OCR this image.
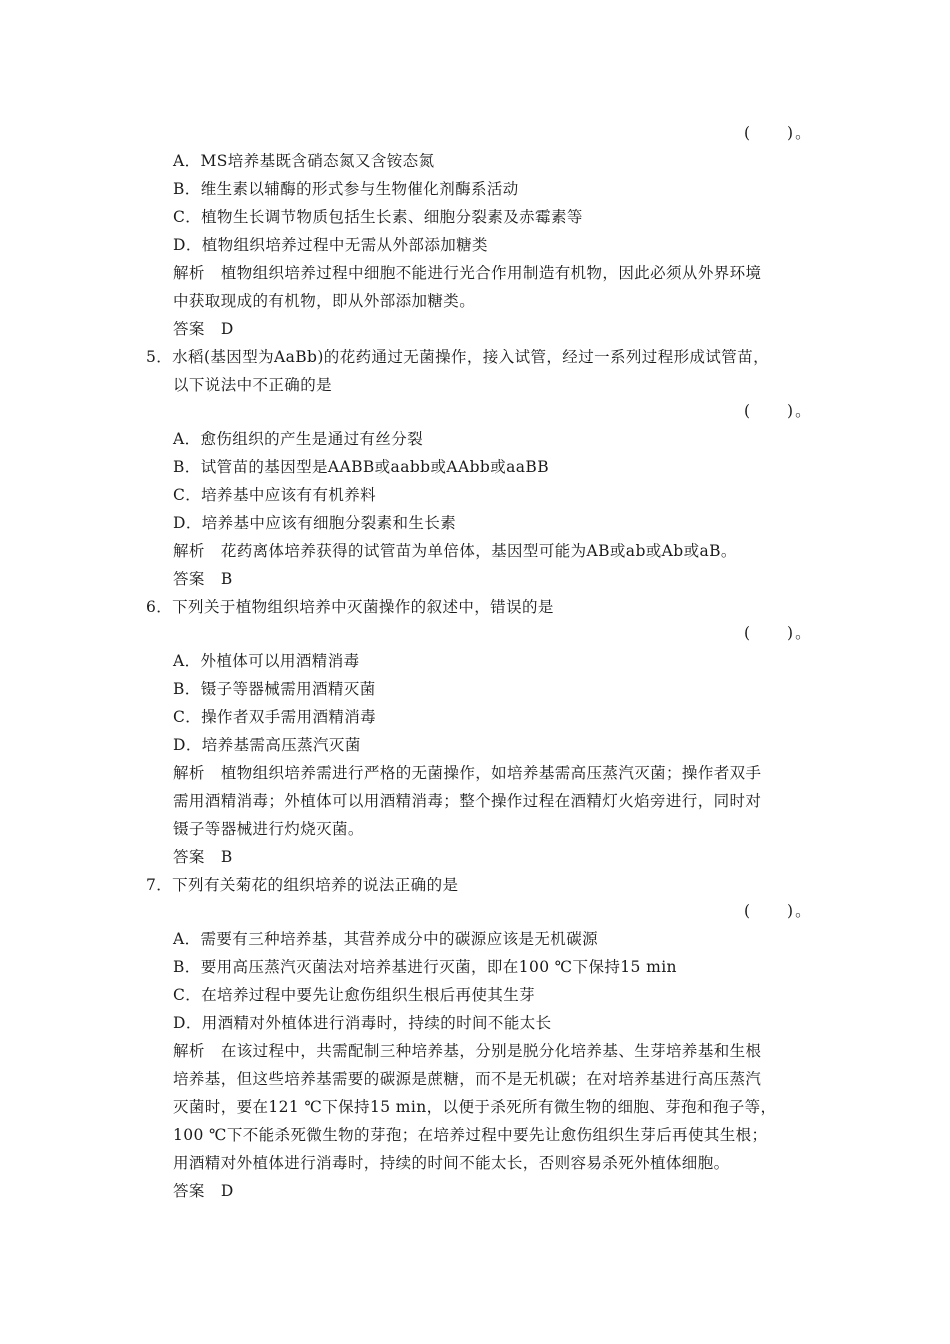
(　　)。
A．MS培养基既含硝态氮又含铵态氮
B．维生素以辅酶的形式参与生物催化剂酶系活动
C．植物生长调节物质包括生长素、细胞分裂素及赤霉素等
D．植物组织培养过程中无需从外部添加糖类
解析 植物组织培养过程中细胞不能进行光合作用制造有机物，因此必须从外界环境
中获取现成的有机物，即从外部添加糖类。
答案 D
5．水稻(基因型为AaBb)的花药通过无菌操作，接入试管，经过一系列过程形成试管苗，
以下说法中不正确的是
(　　)。
A．愈伤组织的产生是通过有丝分裂
B．试管苗的基因型是AABB或aabb或AAbb或aaBB
C．培养基中应该有有机养料
D．培养基中应该有细胞分裂素和生长素
解析 花药离体培养获得的试管苗为单倍体，基因型可能为AB或ab或Ab或aB。
答案 B
6．下列关于植物组织培养中灭菌操作的叙述中，错误的是
(　　)。
A．外植体可以用酒精消毒
B．镊子等器械需用酒精灭菌
C．操作者双手需用酒精消毒
D．培养基需高压蒸汽灭菌
解析 植物组织培养需进行严格的无菌操作，如培养基需高压蒸汽灭菌；操作者双手
需用酒精消毒；外植体可以用酒精消毒；整个操作过程在酒精灯火焰旁进行，同时对
镊子等器械进行灼烧灭菌。
答案 B
7．下列有关菊花的组织培养的说法正确的是
(　　)。
A．需要有三种培养基，其营养成分中的碳源应该是无机碳源
B．要用高压蒸汽灭菌法对培养基进行灭菌，即在100 ℃下保持15 min
C．在培养过程中要先让愈伤组织生根后再使其生芽
D．用酒精对外植体进行消毒时，持续的时间不能太长
解析 在该过程中，共需配制三种培养基，分别是脱分化培养基、生芽培养基和生根
培养基，但这些培养基需要的碳源是蔗糖，而不是无机碳；在对培养基进行高压蒸汽
灭菌时，要在121 ℃下保持15 min，以便于杀死所有微生物的细胞、芽孢和孢子等，
100 ℃下不能杀死微生物的芽孢；在培养过程中要先让愈伤组织生芽后再使其生根；
用酒精对外植体进行消毒时，持续的时间不能太长，否则容易杀死外植体细胞。
答案 D
